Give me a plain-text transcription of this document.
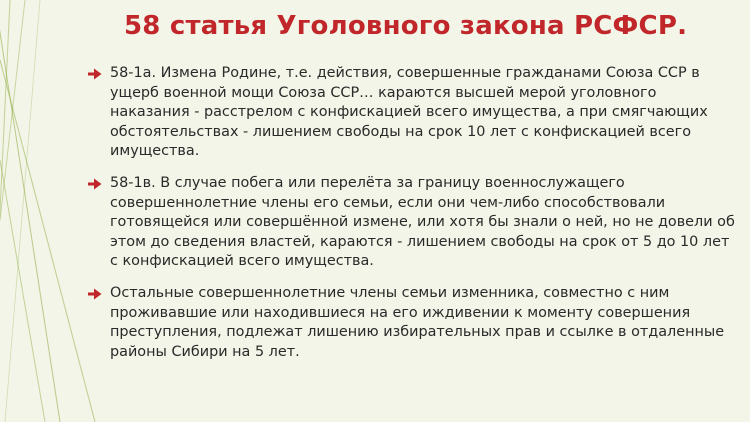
58 статья Уголовного закона РСФСР.
58-1а. Измена Родине, т.е. действия, совершенные гражданами Союза ССР в ущерб военной мощи Союза ССР… караются высшей мерой уголовного наказания - расстрелом с конфискацией всего имущества, а при смягчающих обстоятельствах - лишением свободы на срок 10 лет с конфискацией всего имущества.
58-1в. В случае побега или перелёта за границу военнослужащего совершеннолетние члены его семьи, если они чем-либо способствовали готовящейся или совершённой измене, или хотя бы знали о ней, но не довели об этом до сведения властей, караются - лишением свободы на срок от 5 до 10 лет с конфискацией всего имущества.
Остальные совершеннолетние члены семьи изменника, совместно с ним проживавшие или находившиеся на его иждивении к моменту совершения преступления, подлежат лишению избирательных прав и ссылке в отдаленные районы Сибири на 5 лет.
